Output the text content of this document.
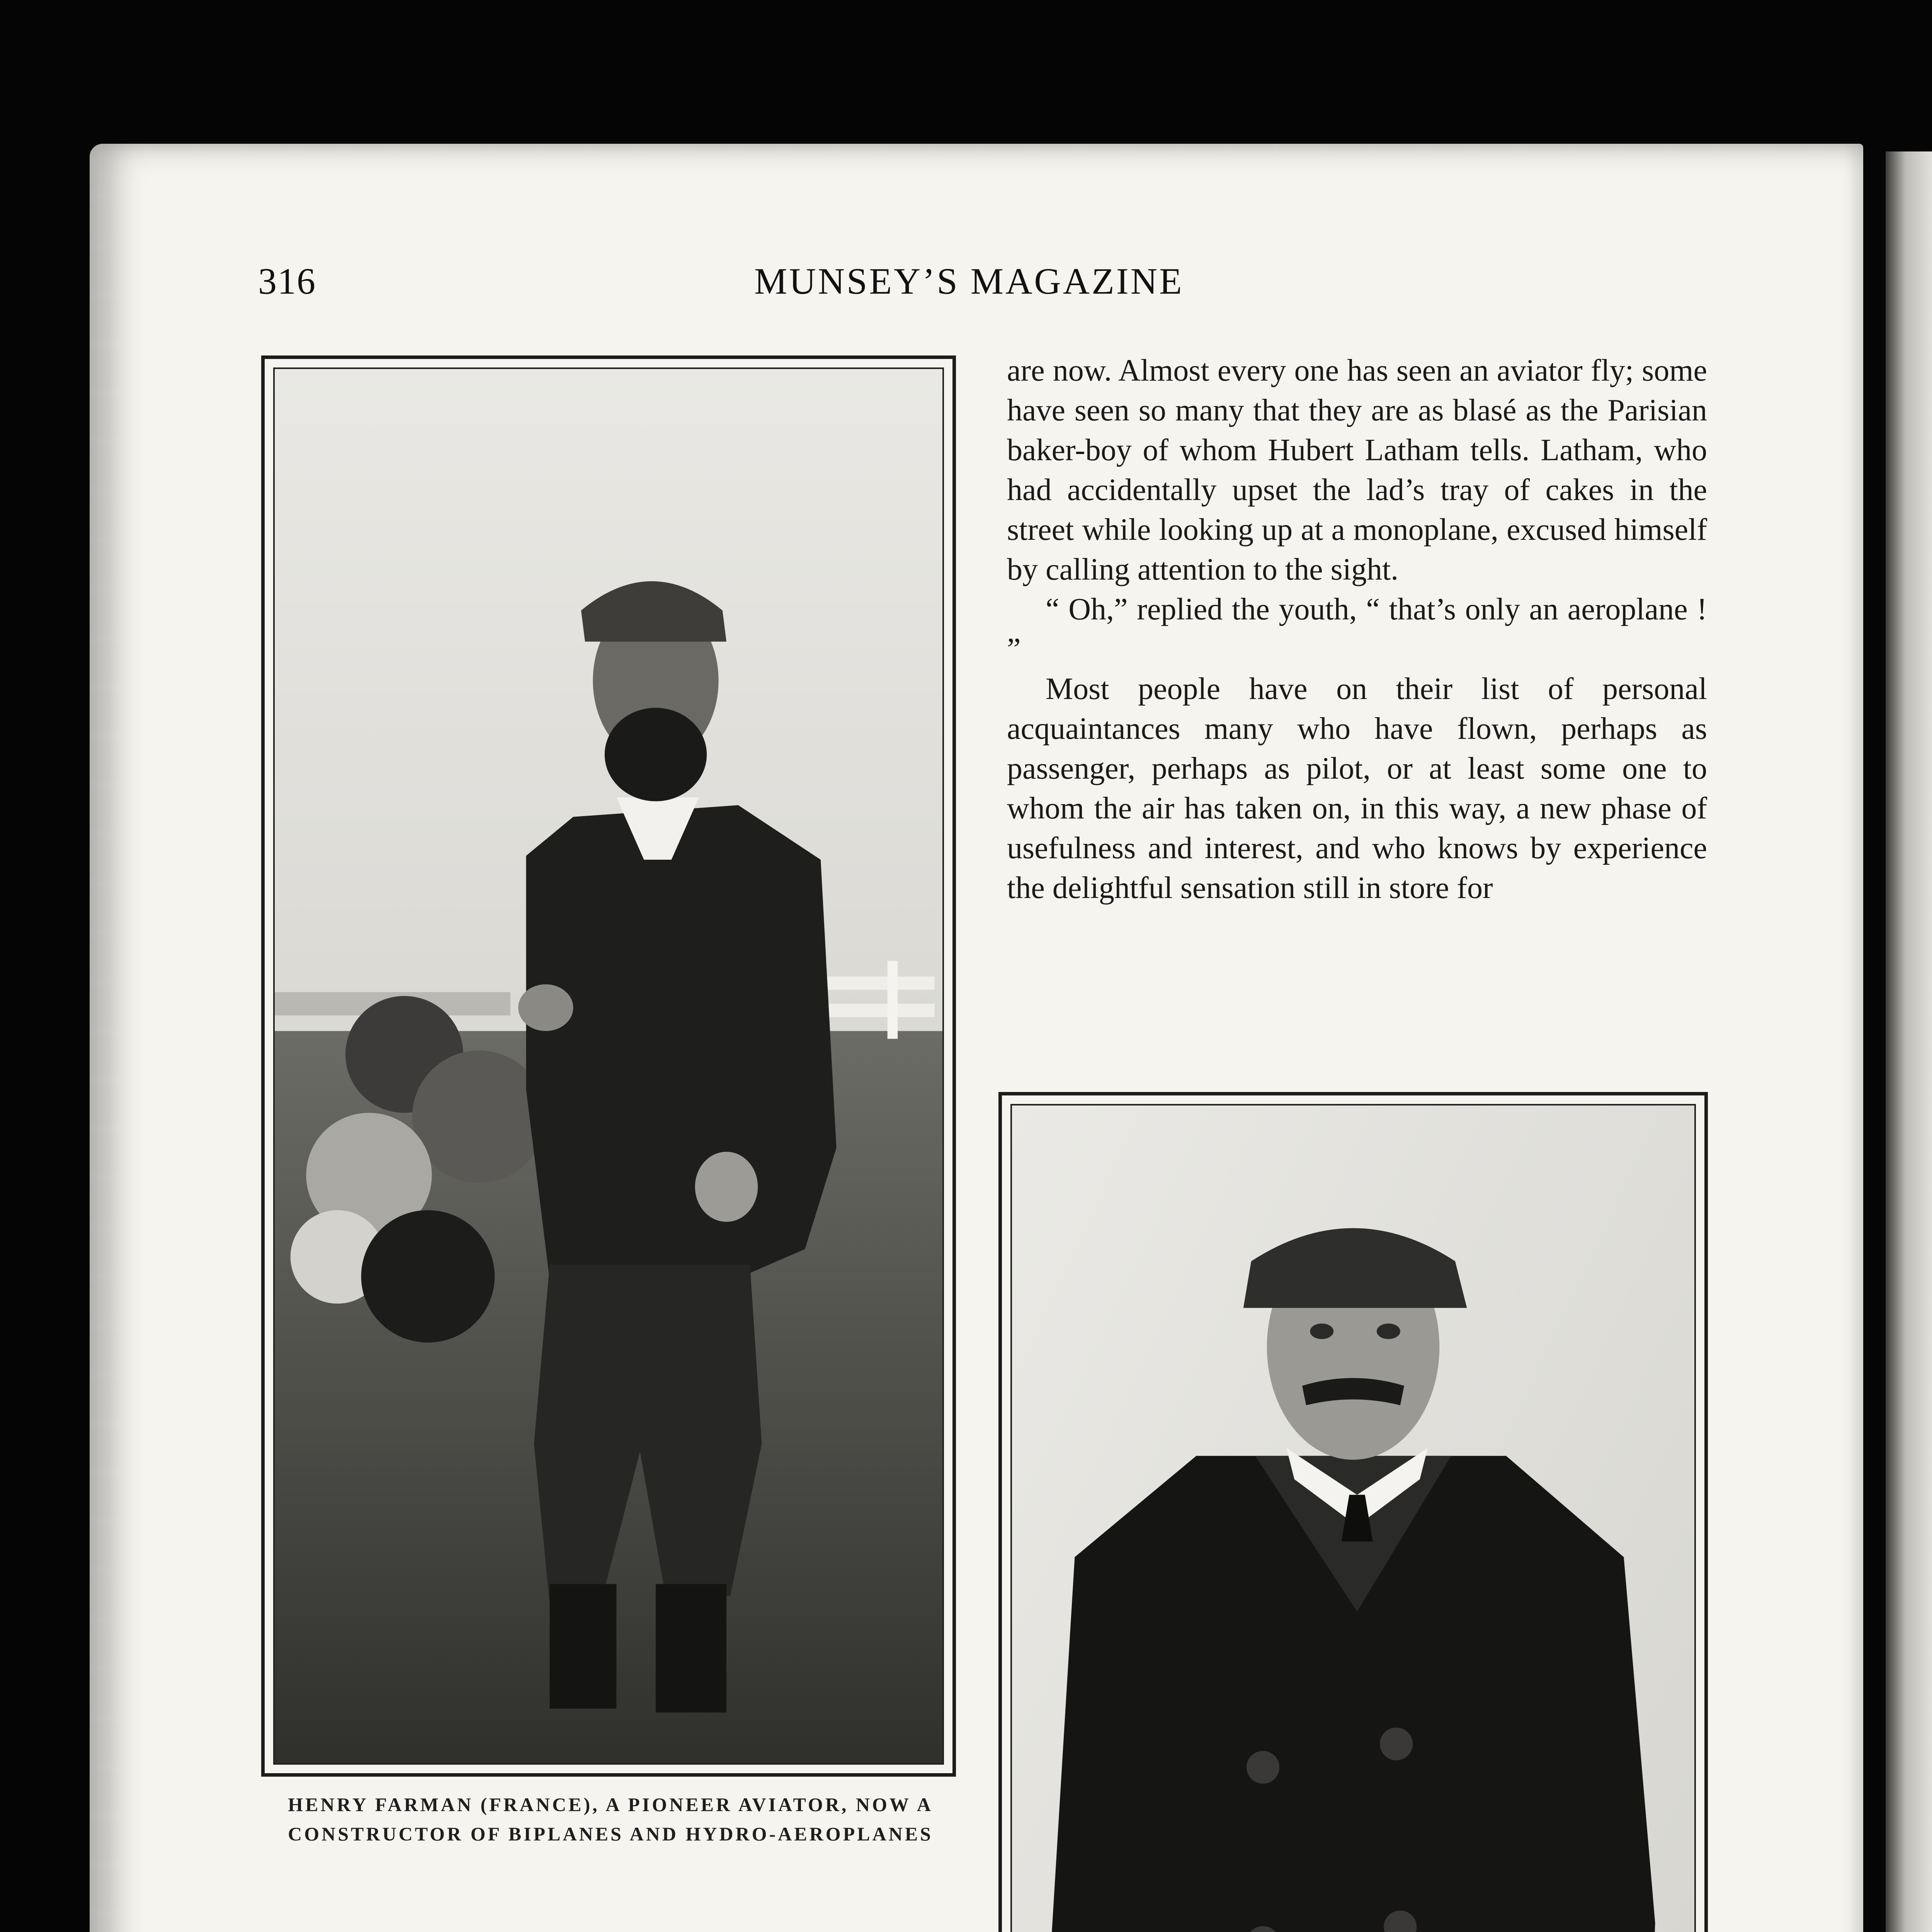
316	MUNSEY’S MAGAZINE

HENRY FARMAN (FRANCE), A PIONEER AVIATOR, NOW A CONSTRUCTOR OF BIPLANES AND HYDRO-AEROPLANES

are now. Almost every one has seen an aviator fly; some have seen so many that they are as blasé as the Parisian baker-boy of whom Hubert Latham tells. Latham, who had accidentally upset the lad’s tray of cakes in the street while looking up at a monoplane, excused himself by calling attention to the sight.

“ Oh,” replied the youth, “ that’s only an aeroplane ! ”

Most people have on their list of personal acquaintances many who have flown, perhaps as passenger, perhaps as pilot, or at least some one to whom the air has taken on, in this way, a new phase of usefulness and interest, and who knows by experience the delightful sensation still in store for
